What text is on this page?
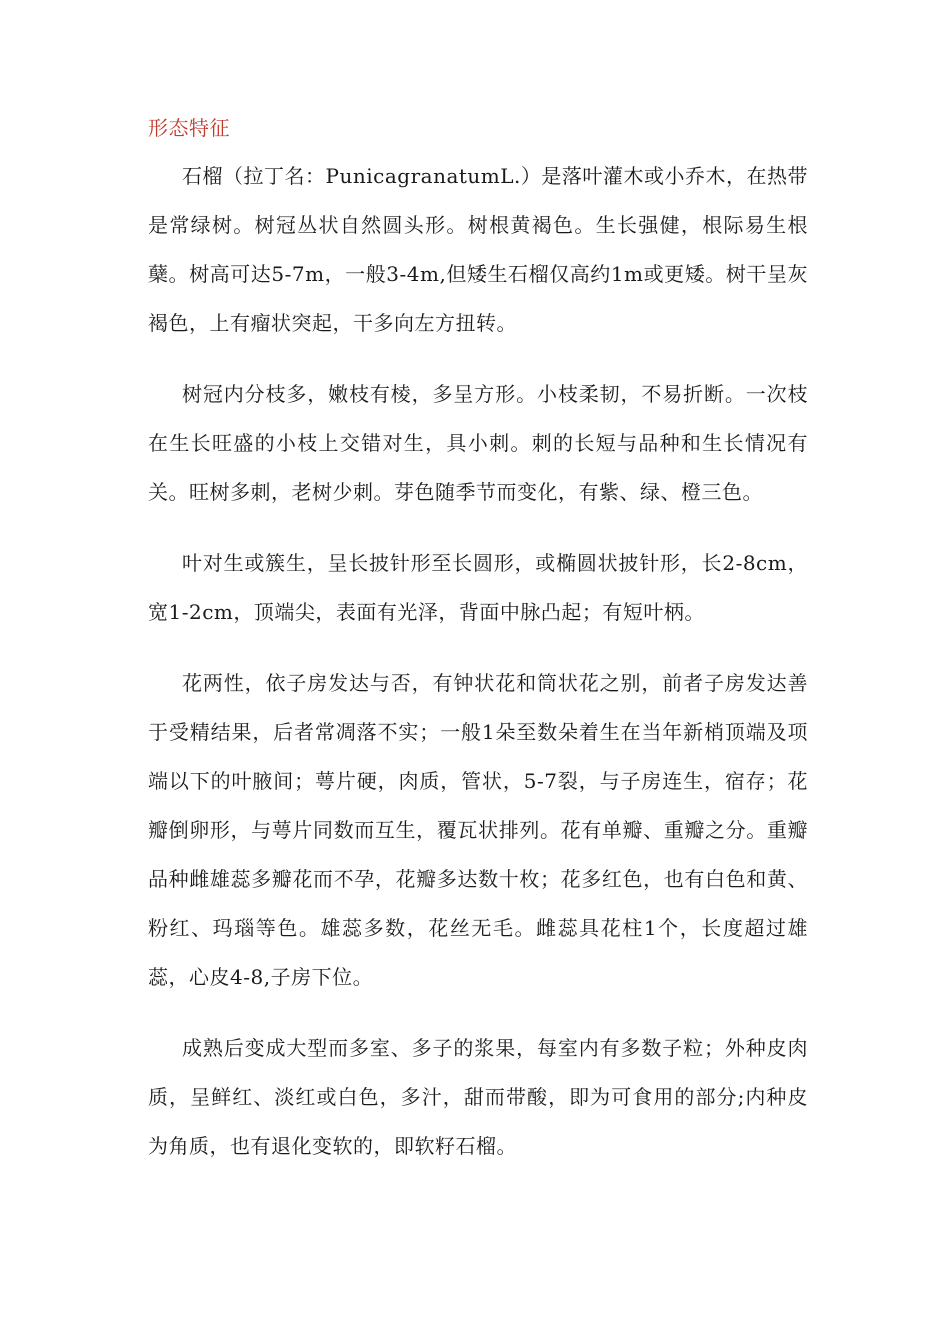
形态特征

石榴（拉丁名：PunicagranatumL.）是落叶灌木或小乔木，在热带是常绿树。树冠丛状自然圆头形。树根黄褐色。生长强健，根际易生根蘖。树高可达5-7m，一般3-4m,但矮生石榴仅高约1m或更矮。树干呈灰褐色，上有瘤状突起，干多向左方扭转。

树冠内分枝多，嫩枝有棱，多呈方形。小枝柔韧，不易折断。一次枝在生长旺盛的小枝上交错对生，具小刺。刺的长短与品种和生长情况有关。旺树多刺，老树少刺。芽色随季节而变化，有紫、绿、橙三色。

叶对生或簇生，呈长披针形至长圆形，或椭圆状披针形，长2-8cm，宽1-2cm，顶端尖，表面有光泽，背面中脉凸起；有短叶柄。

花两性，依子房发达与否，有钟状花和筒状花之别，前者子房发达善于受精结果，后者常凋落不实；一般1朵至数朵着生在当年新梢顶端及项端以下的叶腋间；萼片硬，肉质，管状，5-7裂，与子房连生，宿存；花瓣倒卵形，与萼片同数而互生，覆瓦状排列。花有单瓣、重瓣之分。重瓣品种雌雄蕊多瓣花而不孕，花瓣多达数十枚；花多红色，也有白色和黄、粉红、玛瑙等色。雄蕊多数，花丝无毛。雌蕊具花柱1个，长度超过雄蕊，心皮4-8,子房下位。

成熟后变成大型而多室、多子的浆果，每室内有多数子粒；外种皮肉质，呈鲜红、淡红或白色，多汁，甜而带酸，即为可食用的部分;内种皮为角质，也有退化变软的，即软籽石榴。
